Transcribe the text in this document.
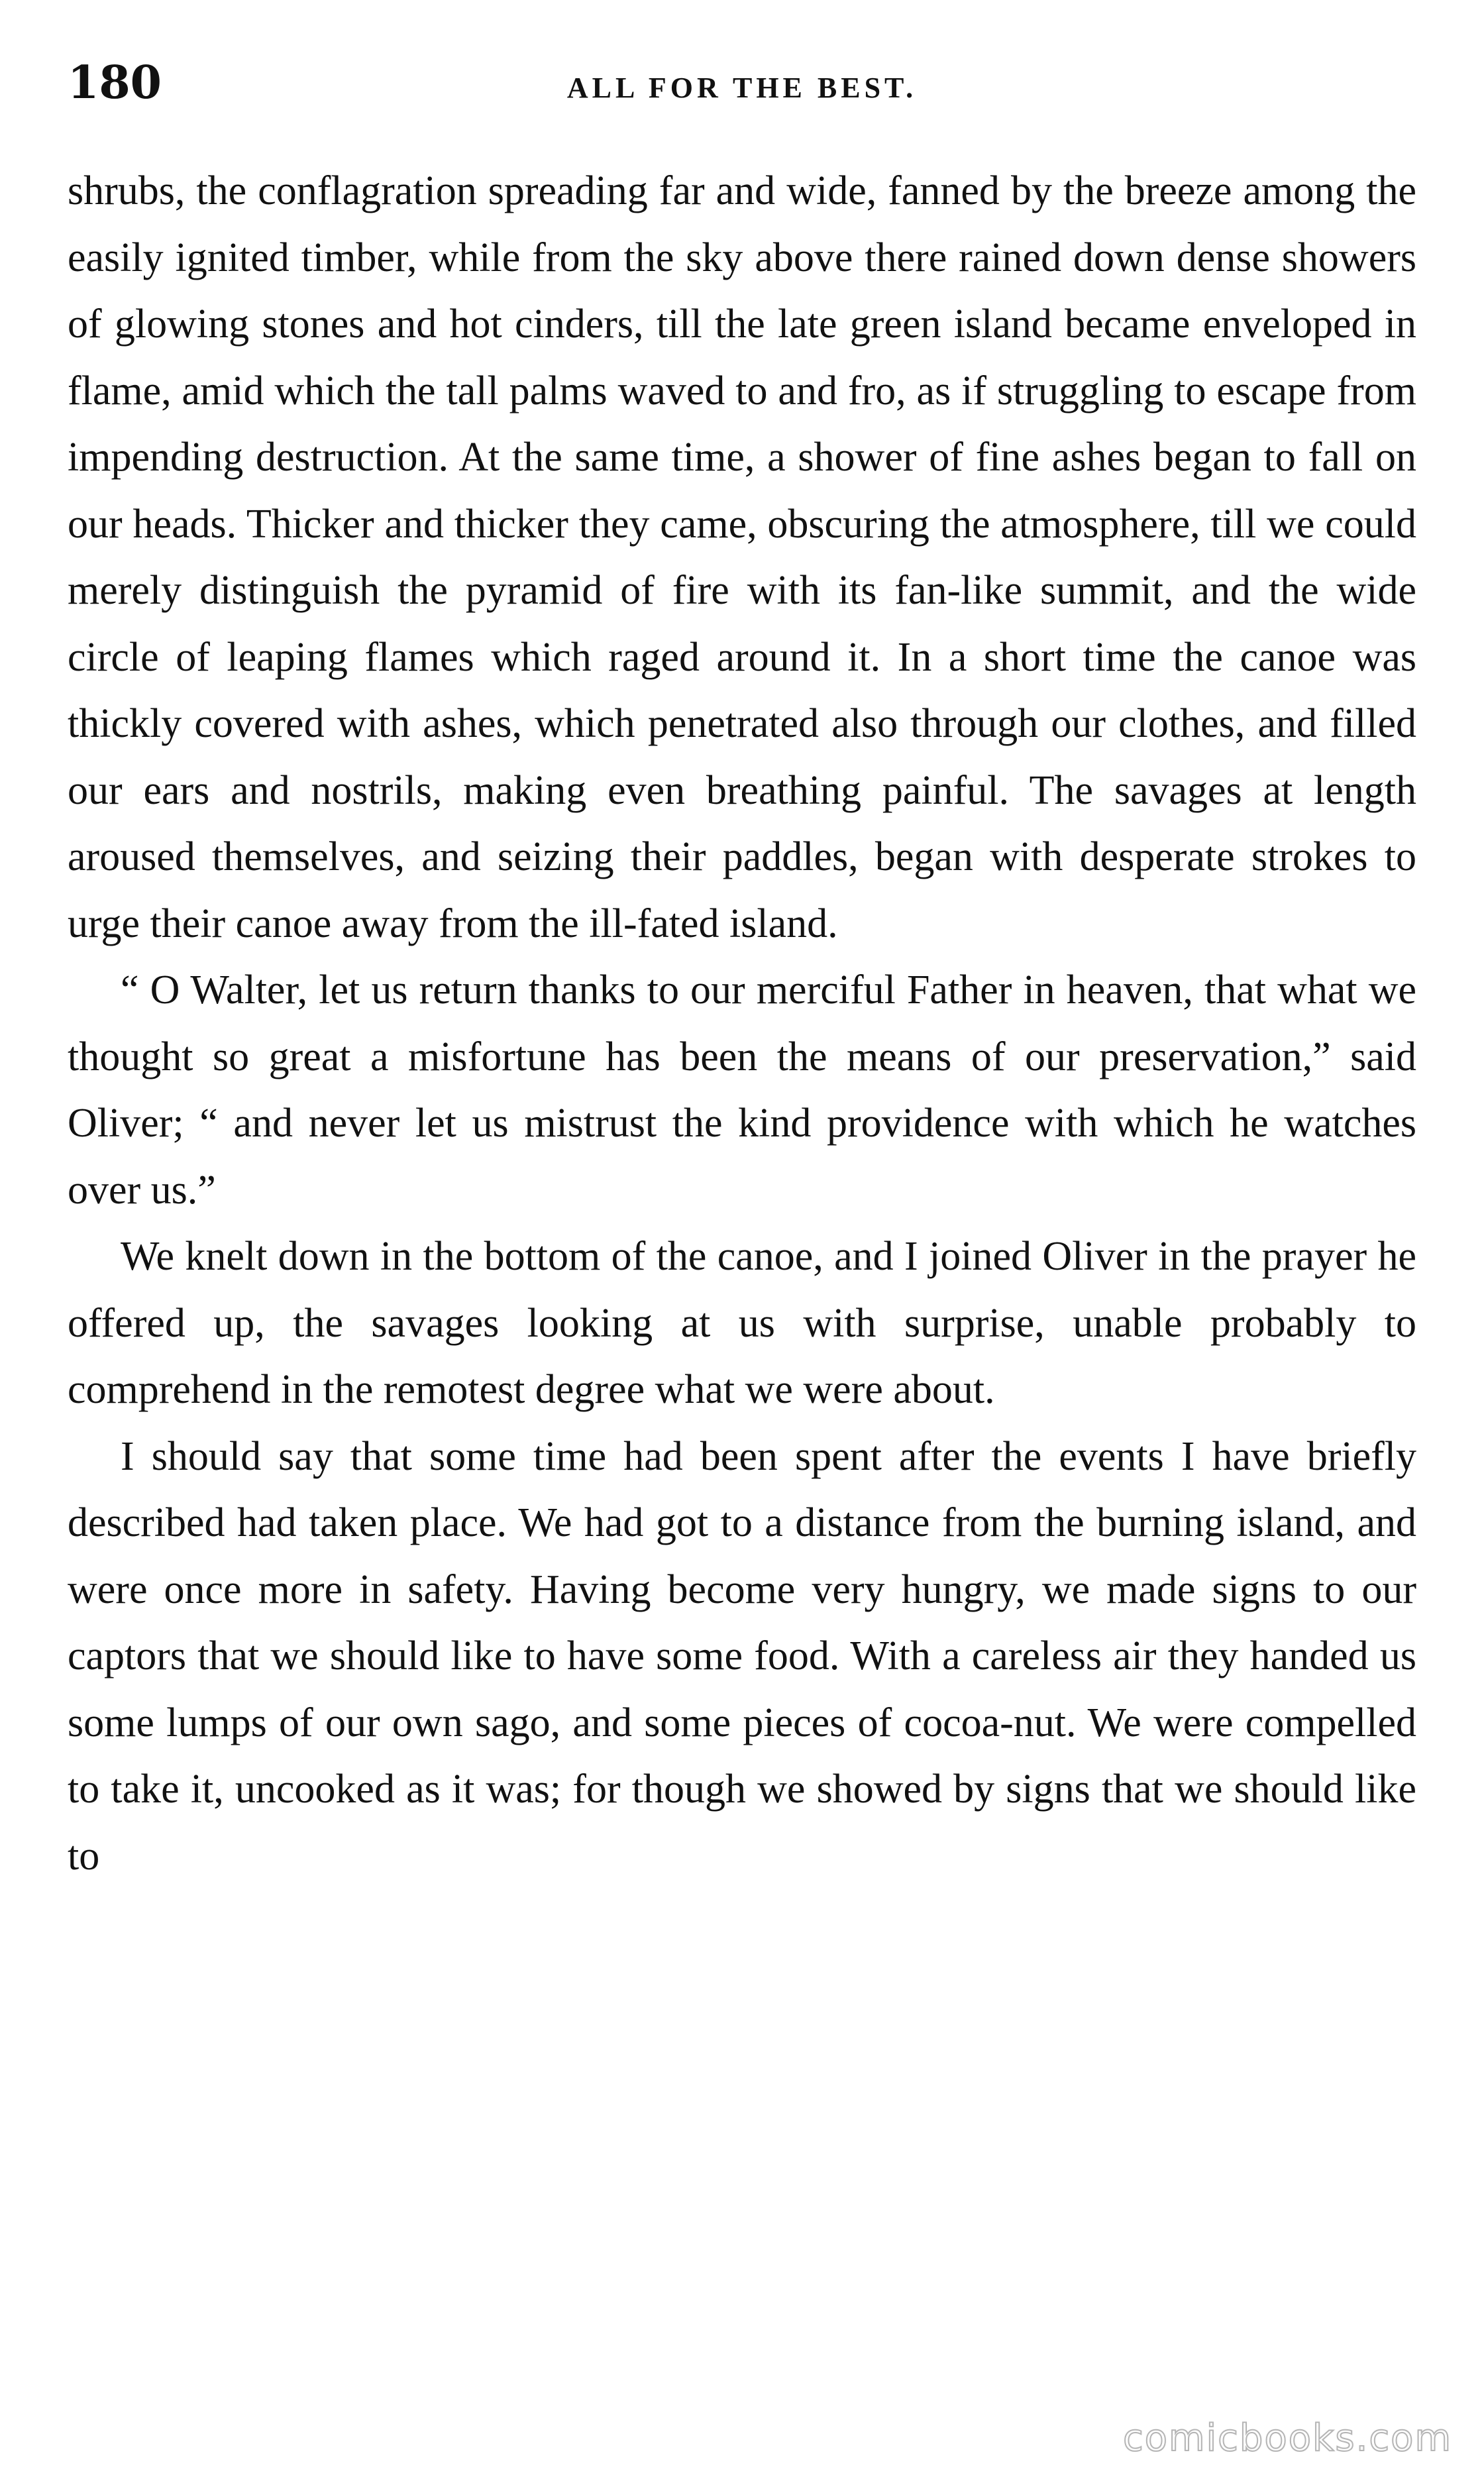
180	ALL FOR THE BEST.

shrubs, the conflagration spreading far and wide, fanned by the breeze among the easily ignited timber, while from the sky above there rained down dense showers of glowing stones and hot cinders, till the late green island became enveloped in flame, amid which the tall palms waved to and fro, as if struggling to escape from impending destruction. At the same time, a shower of fine ashes began to fall on our heads. Thicker and thicker they came, obscuring the atmosphere, till we could merely distinguish the pyramid of fire with its fan-like summit, and the wide circle of leaping flames which raged around it. In a short time the canoe was thickly covered with ashes, which penetrated also through our clothes, and filled our ears and nostrils, making even breathing painful. The savages at length aroused themselves, and seizing their paddles, began with desperate strokes to urge their canoe away from the ill-fated island.

“ O Walter, let us return thanks to our merciful Father in heaven, that what we thought so great a misfortune has been the means of our preservation,” said Oliver; “ and never let us mistrust the kind providence with which he watches over us.”

We knelt down in the bottom of the canoe, and I joined Oliver in the prayer he offered up, the savages looking at us with surprise, unable probably to comprehend in the remotest degree what we were about.

I should say that some time had been spent after the events I have briefly described had taken place. We had got to a distance from the burning island, and were once more in safety. Having become very hungry, we made signs to our captors that we should like to have some food. With a careless air they handed us some lumps of our own sago, and some pieces of cocoa-nut. We were compelled to take it, uncooked as it was; for though we showed by signs that we should like to

comicbooks.com
